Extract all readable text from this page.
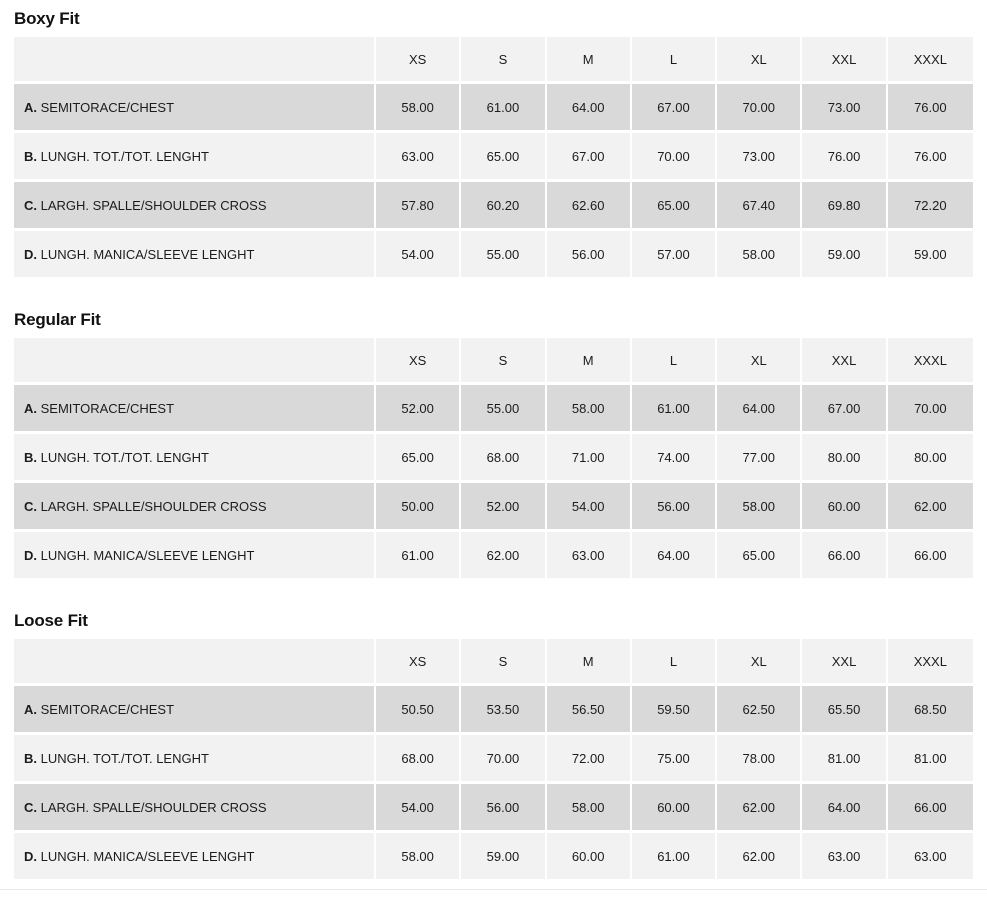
Boxy Fit
	XS	S	M	L	XL	XXL	XXXL
A. SEMITORACE/CHEST	58.00	61.00	64.00	67.00	70.00	73.00	76.00
B. LUNGH. TOT./TOT. LENGHT	63.00	65.00	67.00	70.00	73.00	76.00	76.00
C. LARGH. SPALLE/SHOULDER CROSS	57.80	60.20	62.60	65.00	67.40	69.80	72.20
D. LUNGH. MANICA/SLEEVE LENGHT	54.00	55.00	56.00	57.00	58.00	59.00	59.00
Regular Fit
	XS	S	M	L	XL	XXL	XXXL
A. SEMITORACE/CHEST	52.00	55.00	58.00	61.00	64.00	67.00	70.00
B. LUNGH. TOT./TOT. LENGHT	65.00	68.00	71.00	74.00	77.00	80.00	80.00
C. LARGH. SPALLE/SHOULDER CROSS	50.00	52.00	54.00	56.00	58.00	60.00	62.00
D. LUNGH. MANICA/SLEEVE LENGHT	61.00	62.00	63.00	64.00	65.00	66.00	66.00
Loose Fit
	XS	S	M	L	XL	XXL	XXXL
A. SEMITORACE/CHEST	50.50	53.50	56.50	59.50	62.50	65.50	68.50
B. LUNGH. TOT./TOT. LENGHT	68.00	70.00	72.00	75.00	78.00	81.00	81.00
C. LARGH. SPALLE/SHOULDER CROSS	54.00	56.00	58.00	60.00	62.00	64.00	66.00
D. LUNGH. MANICA/SLEEVE LENGHT	58.00	59.00	60.00	61.00	62.00	63.00	63.00
